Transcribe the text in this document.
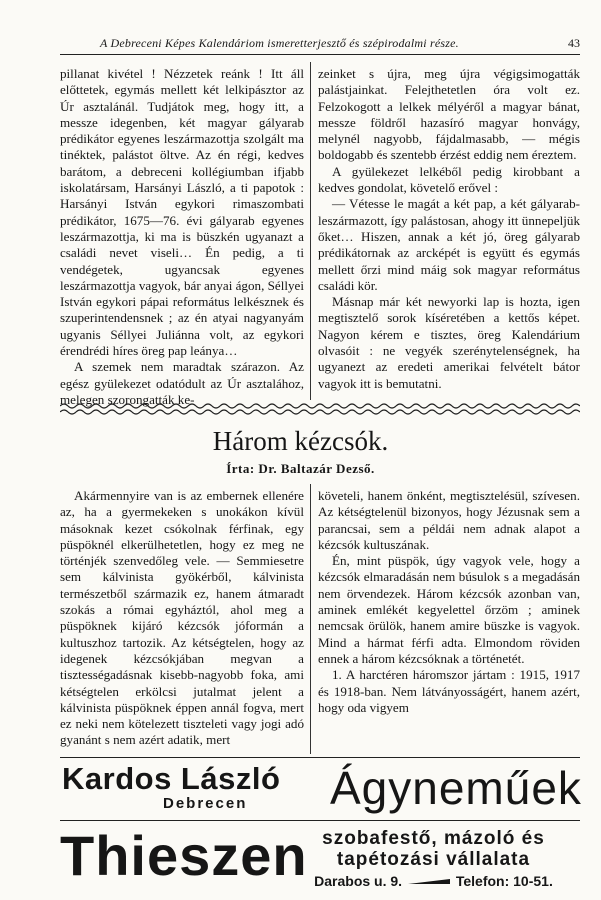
A Debreceni Képes Kalendáriom ismeretterjesztő és szépirodalmi része.	43

pillanat kivétel ! Nézzetek reánk ! Itt áll előttetek, egymás mellett két lelkipásztor az Úr asztalánál. Tudjátok meg, hogy itt, a messze idegenben, két magyar gályarab prédikátor egyenes leszármazottja szolgált ma tinéktek, palástot öltve. Az én régi, kedves barátom, a debreceni kollégiumban ifjabb iskolatársam, Harsányi László, a ti papotok : Harsányi István egykori rimaszombati prédikátor, 1675—76. évi gályarab egyenes leszármazottja, ki ma is büszkén ugyanazt a családi nevet viseli… Én pedig, a ti vendégetek, ugyancsak egyenes leszármazottja vagyok, bár anyai ágon, Séllyei István egykori pápai református lelkésznek és szuperintendensnek ; az én atyai nagyanyám ugyanis Séllyei Juliánna volt, az egykori érendrédi híres öreg pap leánya…

A szemek nem maradtak szárazon. Az egész gyülekezet odatódult az Úr asztalához, melegen szorongatták ke-

zeinket s újra, meg újra végigsimogatták palástjainkat. Felejthetetlen óra volt ez. Felzokogott a lelkek mélyéről a magyar bánat, messze földről hazasíró magyar honvágy, melynél nagyobb, fájdalmasabb, — mégis boldogabb és szentebb érzést eddig nem éreztem.

A gyülekezet lelkéből pedig kirobbant a kedves gondolat, követelő erővel :

— Vétesse le magát a két pap, a két gályarab-leszármazott, így palástosan, ahogy itt ünnepeljük őket… Hiszen, annak a két jó, öreg gályarab prédikátornak az arcképét is együtt és egymás mellett őrzi mind máig sok magyar református családi kör.

Másnap már két newyorki lap is hozta, igen megtisztelő sorok kíséretében a kettős képet. Nagyon kérem e tisztes, öreg Kalendárium olvasóit : ne vegyék szerénytelenségnek, ha ugyanezt az eredeti amerikai felvételt bátor vagyok itt is bemutatni.

Három kézcsók.
Írta: Dr. Baltazár Dezső.

Akármennyire van is az embernek ellenére az, ha a gyermekeken s unokákon kívül másoknak kezet csókolnak férfinak, egy püspöknél elkerülhetetlen, hogy ez meg ne történjék szenvedőleg vele. — Semmiesetre sem kálvinista gyökérből, kálvinista természetből származik ez, hanem átmaradt szokás a római egyháztól, ahol meg a püspöknek kijáró kézcsók jóformán a kultuszhoz tartozik. Az kétségtelen, hogy az idegenek kézcsókjában megvan a tisztességadásnak kisebb-nagyobb foka, ami kétségtelen erkölcsi jutalmat jelent a kálvinista püspöknek éppen annál fogva, mert ez neki nem kötelezett tiszteleti vagy jogi adó gyanánt s nem azért adatik, mert

követeli, hanem önként, megtisztelésül, szívesen. Az kétségtelenül bizonyos, hogy Jézusnak sem a parancsai, sem a példái nem adnak alapot a kézcsók kultuszának.

Én, mint püspök, úgy vagyok vele, hogy a kézcsók elmaradásán nem búsulok s a megadásán nem örvendezek. Három kézcsók azonban van, aminek emlékét kegyelettel őrzöm ; aminek nemcsak örülök, hanem amire büszke is vagyok. Mind a hármat férfi adta. Elmondom röviden ennek a három kézcsóknak a történetét.

1. A harctéren háromszor jártam : 1915, 1917 és 1918-ban. Nem látványosságért, hanem azért, hogy oda vigyem

Kardos László
Debrecen Ágyneműek
Thieszen szobafestő, mázoló és
tapétozási vállalata
Darabos u. 9.	Telefon: 10-51.
